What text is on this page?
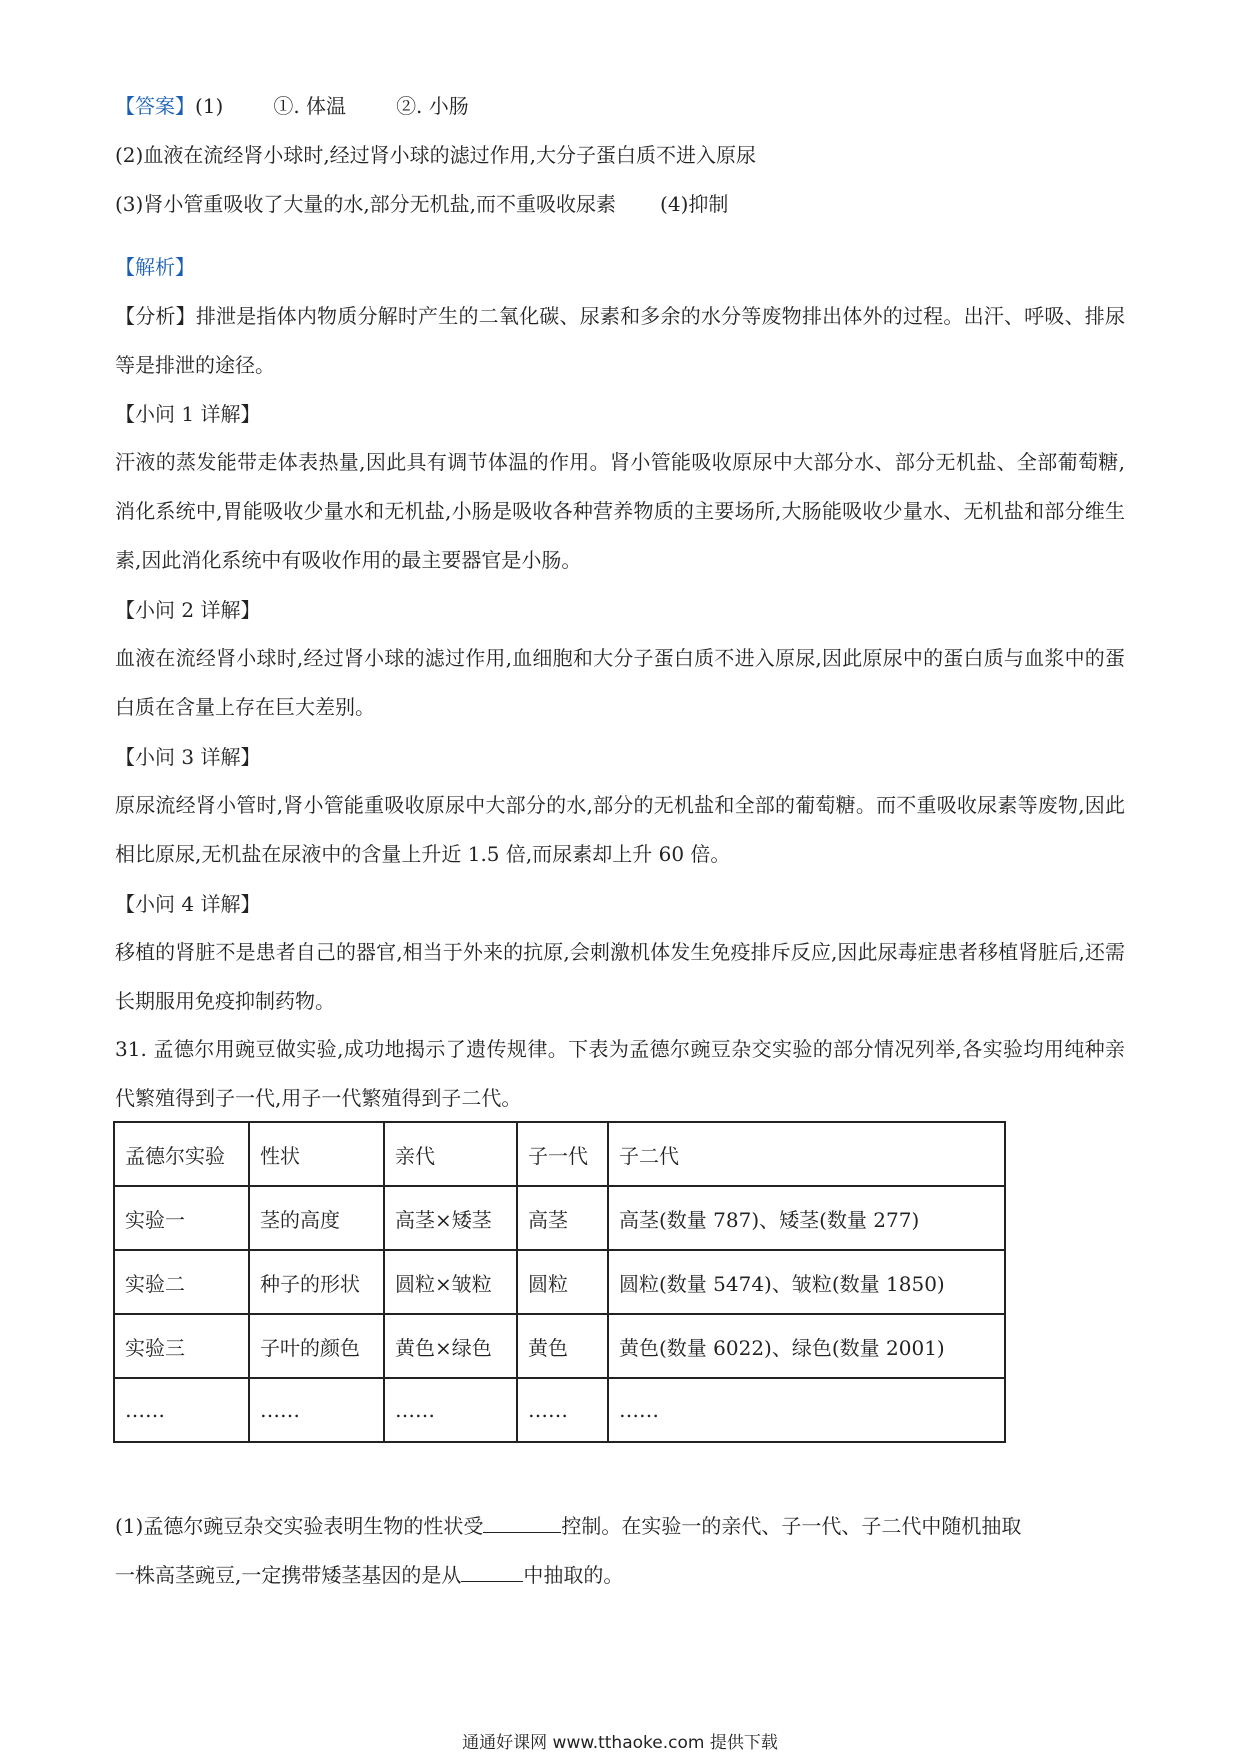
【答案】(1)	①. 体温	②. 小肠
(2)血液在流经肾小球时,经过肾小球的滤过作用,大分子蛋白质不进入原尿
(3)肾小管重吸收了大量的水,部分无机盐,而不重吸收尿素 (4)抑制
【解析】
【分析】排泄是指体内物质分解时产生的二氧化碳、尿素和多余的水分等废物排出体外的过程。出汗、呼吸、排尿等是排泄的途径。
【小问 1 详解】
汗液的蒸发能带走体表热量,因此具有调节体温的作用。肾小管能吸收原尿中大部分水、部分无机盐、全部葡萄糖,消化系统中,胃能吸收少量水和无机盐,小肠是吸收各种营养物质的主要场所,大肠能吸收少量水、无机盐和部分维生素,因此消化系统中有吸收作用的最主要器官是小肠。
【小问 2 详解】
血液在流经肾小球时,经过肾小球的滤过作用,血细胞和大分子蛋白质不进入原尿,因此原尿中的蛋白质与血浆中的蛋白质在含量上存在巨大差别。
【小问 3 详解】
原尿流经肾小管时,肾小管能重吸收原尿中大部分的水,部分的无机盐和全部的葡萄糖。而不重吸收尿素等废物,因此相比原尿,无机盐在尿液中的含量上升近 1.5 倍,而尿素却上升 60 倍。
【小问 4 详解】
移植的肾脏不是患者自己的器官,相当于外来的抗原,会刺激机体发生免疫排斥反应,因此尿毒症患者移植肾脏后,还需长期服用免疫抑制药物。
31. 孟德尔用豌豆做实验,成功地揭示了遗传规律。下表为孟德尔豌豆杂交实验的部分情况列举,各实验均用纯种亲代繁殖得到子一代,用子一代繁殖得到子二代。
孟德尔实验	性状	亲代	子一代	子二代
实验一	茎的高度	高茎×矮茎	高茎	高茎(数量 787)、矮茎(数量 277)
实验二	种子的形状	圆粒×皱粒	圆粒	圆粒(数量 5474)、皱粒(数量 1850)
实验三	子叶的颜色	黄色×绿色	黄色	黄色(数量 6022)、绿色(数量 2001)
……	……	……	……	……
(1)孟德尔豌豆杂交实验表明生物的性状受	控制。在实验一的亲代、子一代、子二代中随机抽取
一株高茎豌豆,一定携带矮茎基因的是从	中抽取的。
通通好课网 www.tthaoke.com 提供下载
